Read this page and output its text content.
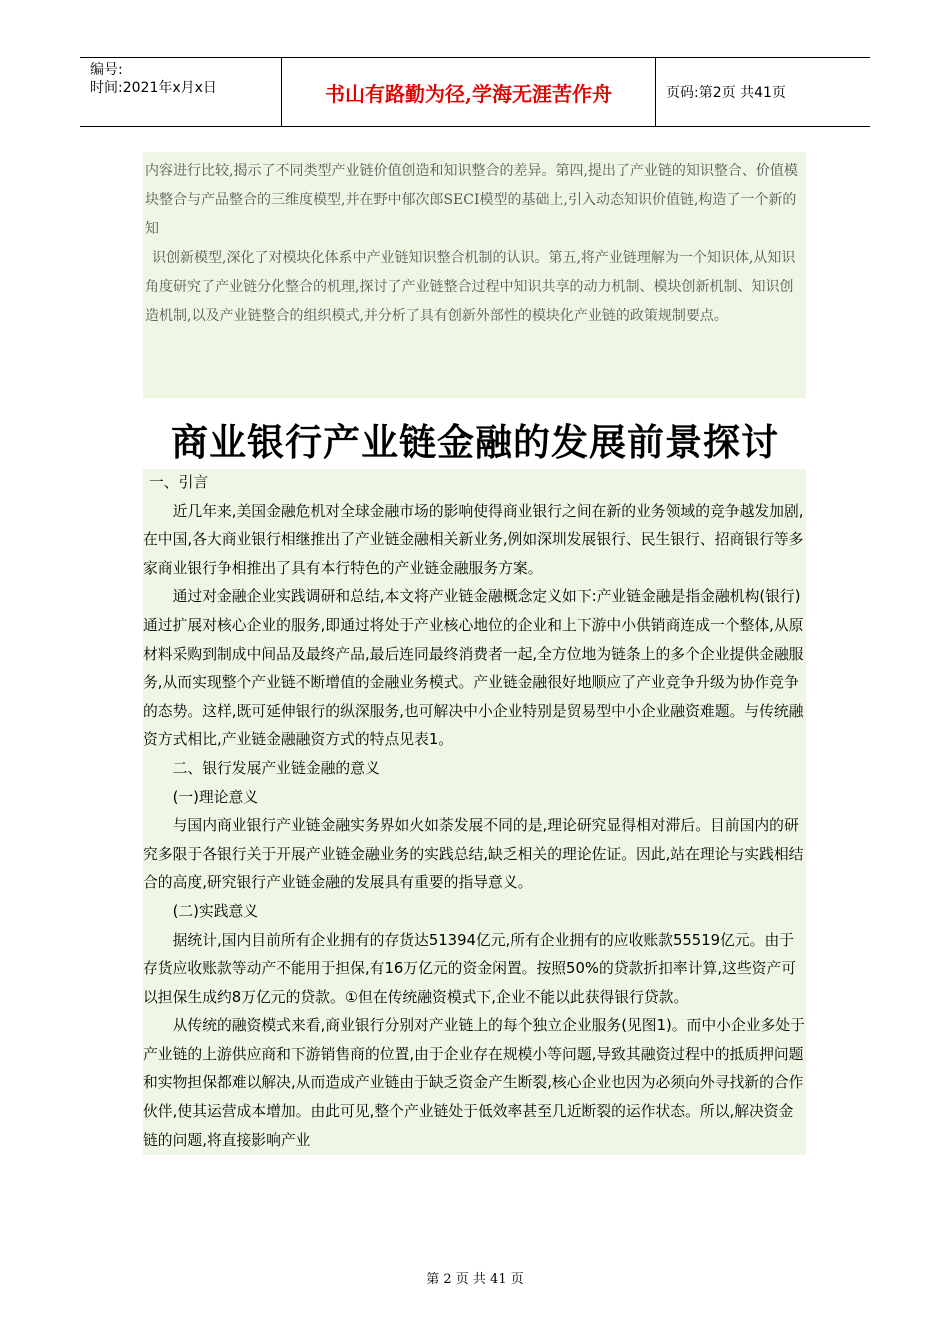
编号:
时间:2021年x月x日	书山有路勤为径,学海无涯苦作舟	页码:第2页 共41页

内容进行比较,揭示了不同类型产业链价值创造和知识整合的差异。第四,提出了产业链的知识整合、价值模块整合与产品整合的三维度模型,并在野中郁次郎SECI模型的基础上,引入动态知识价值链,构造了一个新的知

识创新模型,深化了对模块化体系中产业链知识整合机制的认识。第五,将产业链理解为一个知识体,从知识角度研究了产业链分化整合的机理,探讨了产业链整合过程中知识共享的动力机制、模块创新机制、知识创造机制,以及产业链整合的组织模式,并分析了具有创新外部性的模块化产业链的政策规制要点。

商业银行产业链金融的发展前景探讨

一、引言

近几年来,美国金融危机对全球金融市场的影响使得商业银行之间在新的业务领域的竞争越发加剧,在中国,各大商业银行相继推出了产业链金融相关新业务,例如深圳发展银行、民生银行、招商银行等多家商业银行争相推出了具有本行特色的产业链金融服务方案。

通过对金融企业实践调研和总结,本文将产业链金融概念定义如下:产业链金融是指金融机构(银行)通过扩展对核心企业的服务,即通过将处于产业核心地位的企业和上下游中小供销商连成一个整体,从原材料采购到制成中间品及最终产品,最后连同最终消费者一起,全方位地为链条上的多个企业提供金融服务,从而实现整个产业链不断增值的金融业务模式。产业链金融很好地顺应了产业竞争升级为协作竞争的态势。这样,既可延伸银行的纵深服务,也可解决中小企业特别是贸易型中小企业融资难题。与传统融资方式相比,产业链金融融资方式的特点见表1。

二、银行发展产业链金融的意义

(一)理论意义

与国内商业银行产业链金融实务界如火如荼发展不同的是,理论研究显得相对滞后。目前国内的研究多限于各银行关于开展产业链金融业务的实践总结,缺乏相关的理论佐证。因此,站在理论与实践相结合的高度,研究银行产业链金融的发展具有重要的指导意义。

(二)实践意义

据统计,国内目前所有企业拥有的存货达51394亿元,所有企业拥有的应收账款55519亿元。由于存货应收账款等动产不能用于担保,有16万亿元的资金闲置。按照50%的贷款折扣率计算,这些资产可以担保生成约8万亿元的贷款。①但在传统融资模式下,企业不能以此获得银行贷款。

从传统的融资模式来看,商业银行分别对产业链上的每个独立企业服务(见图1)。而中小企业多处于产业链的上游供应商和下游销售商的位置,由于企业存在规模小等问题,导致其融资过程中的抵质押问题和实物担保都难以解决,从而造成产业链由于缺乏资金产生断裂,核心企业也因为必须向外寻找新的合作伙伴,使其运营成本增加。由此可见,整个产业链处于低效率甚至几近断裂的运作状态。所以,解决资金链的问题,将直接影响产业

第 2 页 共 41 页
